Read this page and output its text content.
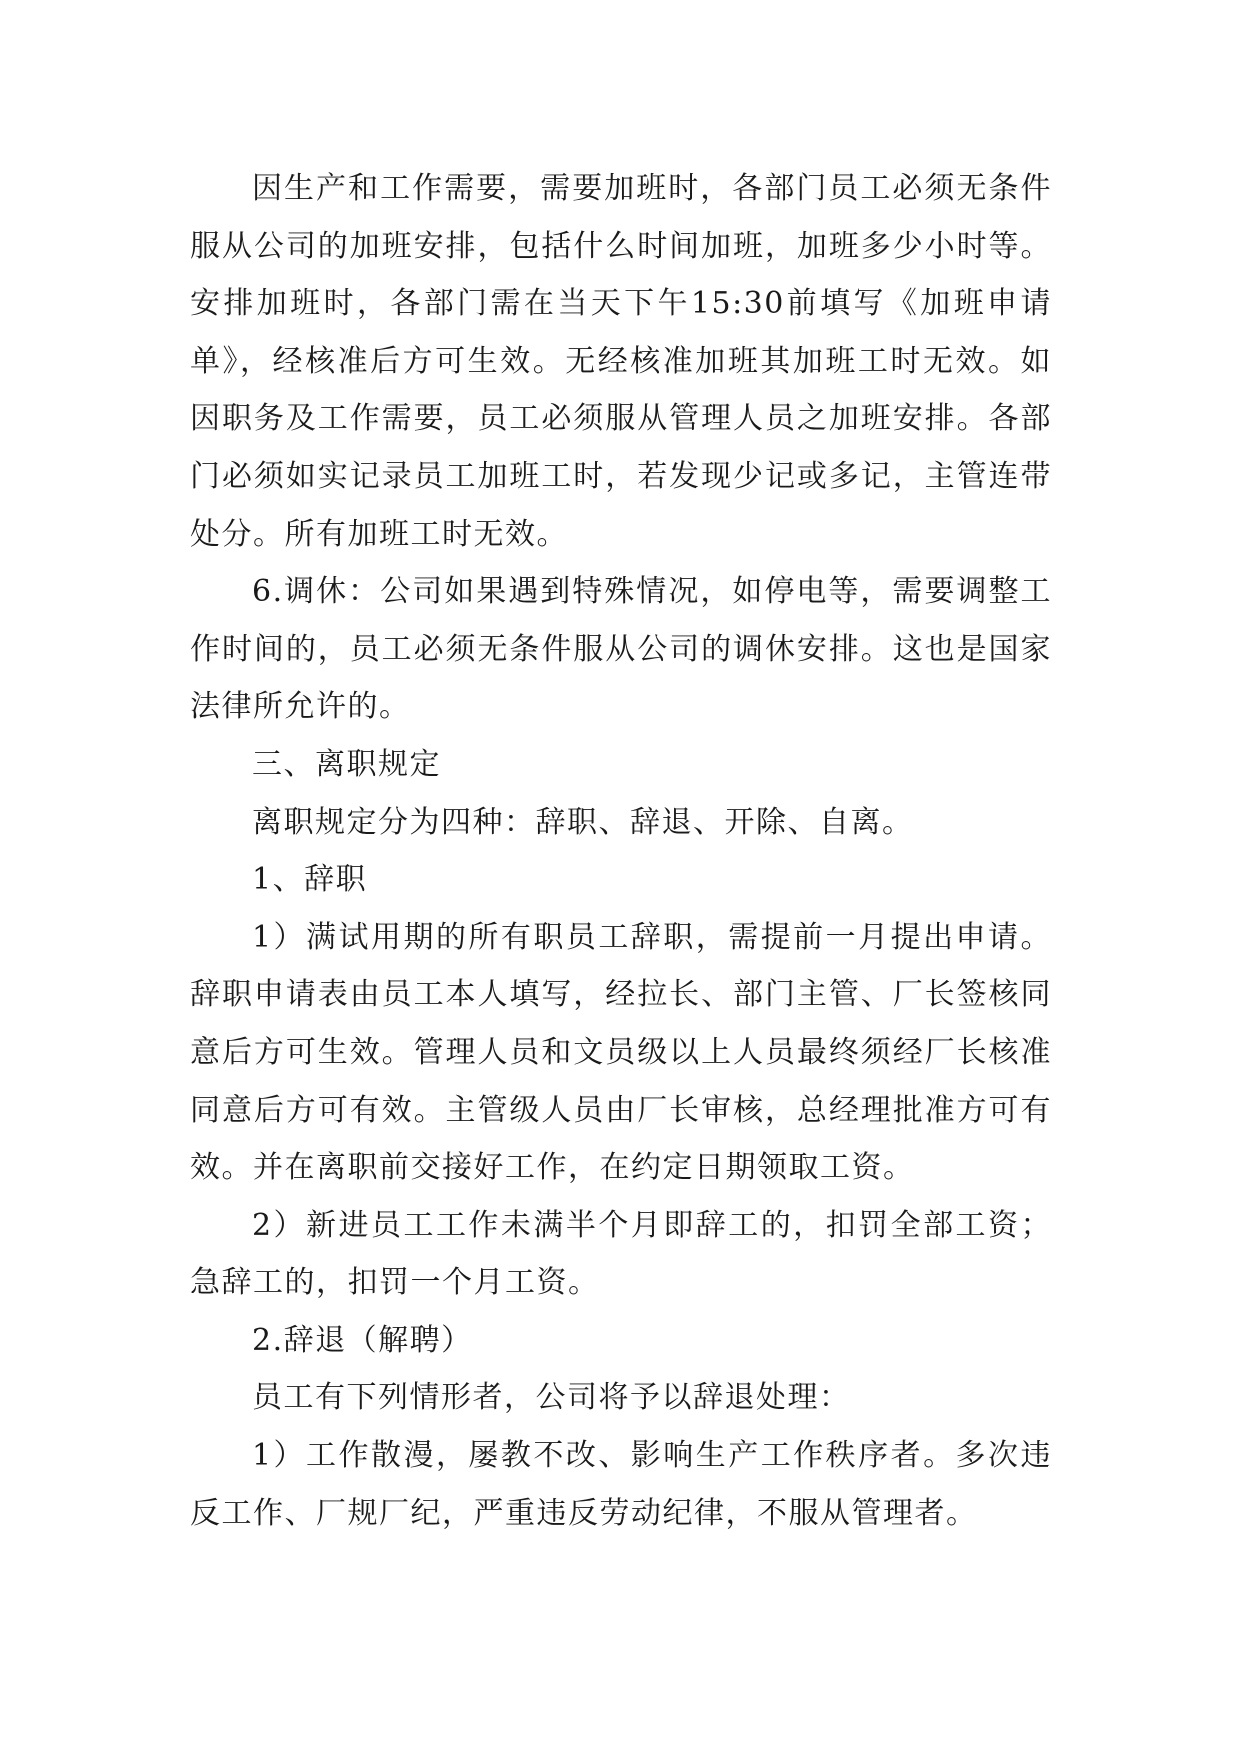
因生产和工作需要，需要加班时，各部门员工必须无条件服从公司的加班安排，包括什么时间加班，加班多少小时等。安排加班时，各部门需在当天下午15:30前填写《加班申请单》，经核准后方可生效。无经核准加班其加班工时无效。如因职务及工作需要，员工必须服从管理人员之加班安排。各部门必须如实记录员工加班工时，若发现少记或多记，主管连带处分。所有加班工时无效。

6.调休：公司如果遇到特殊情况，如停电等，需要调整工作时间的，员工必须无条件服从公司的调休安排。这也是国家法律所允许的。

三、离职规定

离职规定分为四种：辞职、辞退、开除、自离。

1、辞职

1）满试用期的所有职员工辞职，需提前一月提出申请。辞职申请表由员工本人填写，经拉长、部门主管、厂长签核同意后方可生效。管理人员和文员级以上人员最终须经厂长核准同意后方可有效。主管级人员由厂长审核，总经理批准方可有效。并在离职前交接好工作，在约定日期领取工资。

2）新进员工工作未满半个月即辞工的，扣罚全部工资；急辞工的，扣罚一个月工资。

2.辞退（解聘）

员工有下列情形者，公司将予以辞退处理：

1）工作散漫，屡教不改、影响生产工作秩序者。多次违反工作、厂规厂纪，严重违反劳动纪律，不服从管理者。
